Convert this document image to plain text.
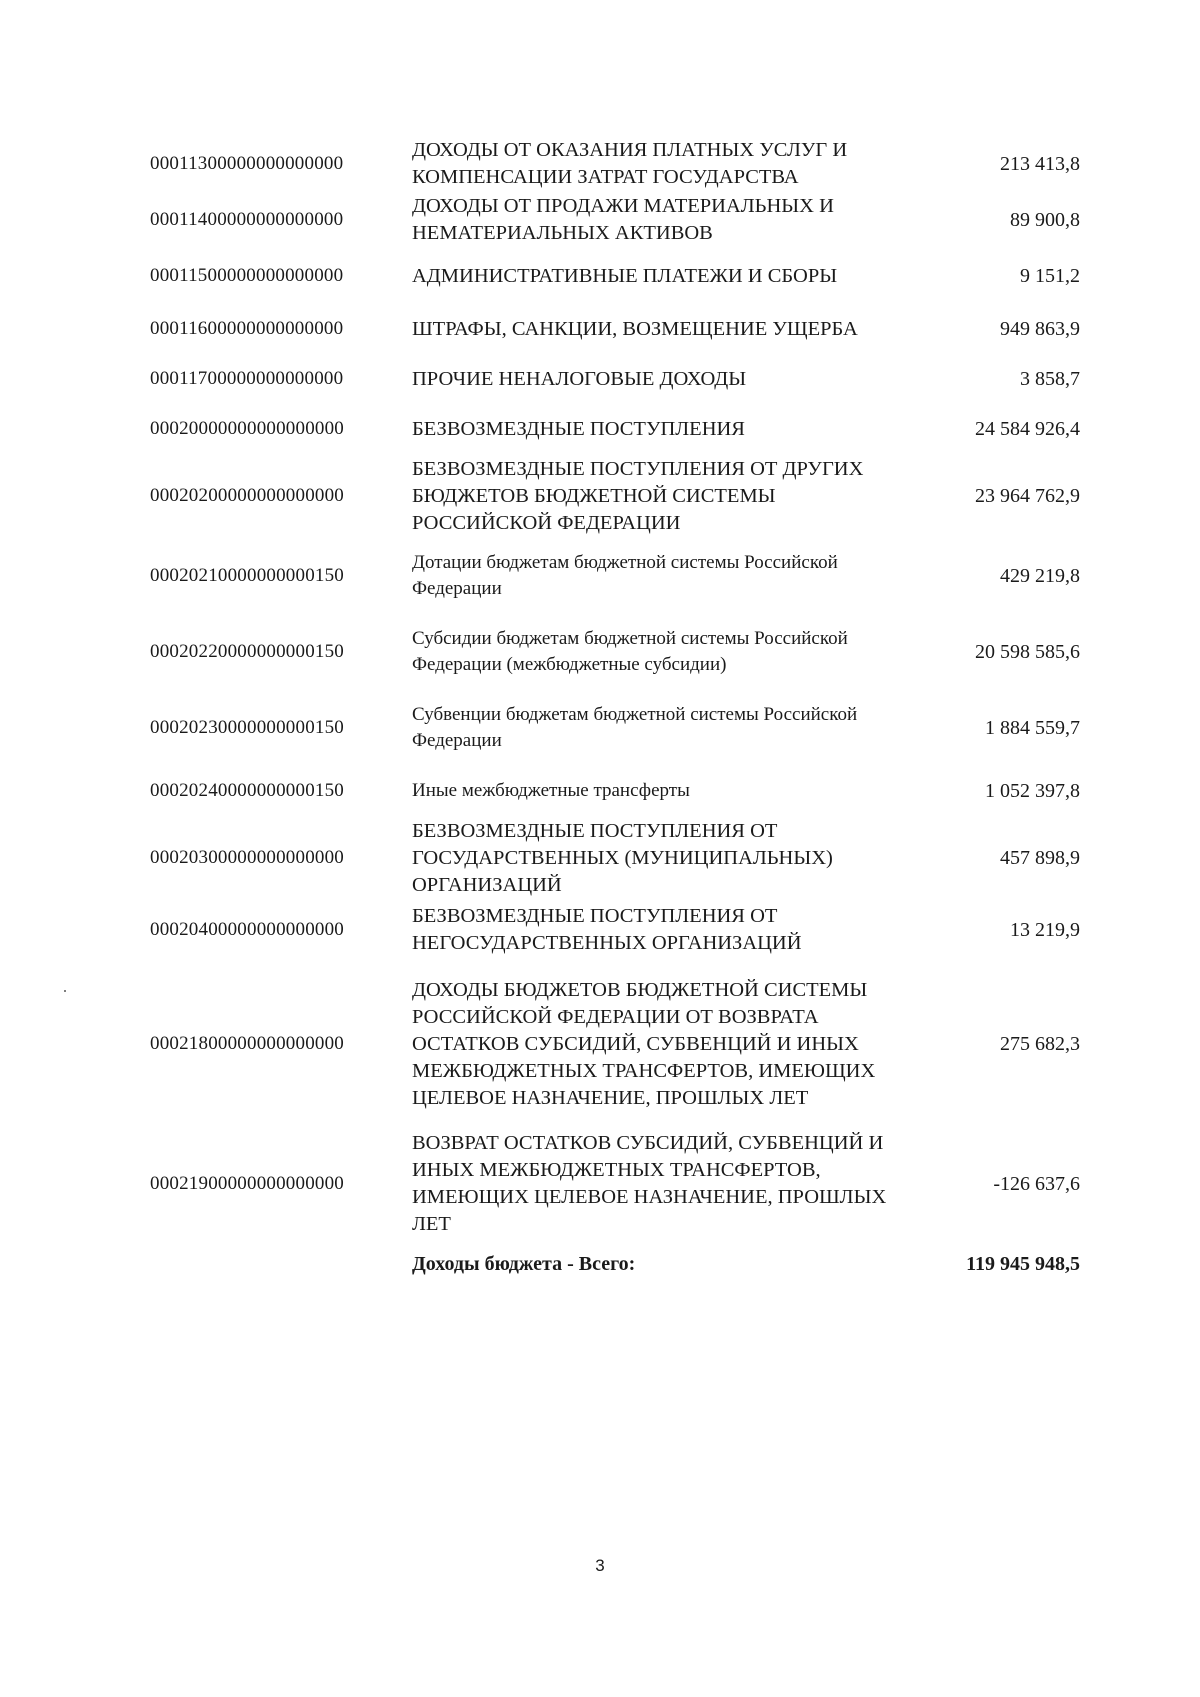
00011300000000000000	ДОХОДЫ ОТ ОКАЗАНИЯ ПЛАТНЫХ УСЛУГ И КОМПЕНСАЦИИ ЗАТРАТ ГОСУДАРСТВА	213 413,8
00011400000000000000	ДОХОДЫ ОТ ПРОДАЖИ МАТЕРИАЛЬНЫХ И НЕМАТЕРИАЛЬНЫХ АКТИВОВ	89 900,8
00011500000000000000	АДМИНИСТРАТИВНЫЕ ПЛАТЕЖИ И СБОРЫ	9 151,2
00011600000000000000	ШТРАФЫ, САНКЦИИ, ВОЗМЕЩЕНИЕ УЩЕРБА	949 863,9
00011700000000000000	ПРОЧИЕ НЕНАЛОГОВЫЕ ДОХОДЫ	3 858,7
00020000000000000000	БЕЗВОЗМЕЗДНЫЕ ПОСТУПЛЕНИЯ	24 584 926,4
00020200000000000000	БЕЗВОЗМЕЗДНЫЕ ПОСТУПЛЕНИЯ ОТ ДРУГИХ БЮДЖЕТОВ БЮДЖЕТНОЙ СИСТЕМЫ РОССИЙСКОЙ ФЕДЕРАЦИИ	23 964 762,9
00020210000000000150	Дотации бюджетам бюджетной системы Российской Федерации	429 219,8
00020220000000000150	Субсидии бюджетам бюджетной системы Российской Федерации (межбюджетные субсидии)	20 598 585,6
00020230000000000150	Субвенции бюджетам бюджетной системы Российской Федерации	1 884 559,7
00020240000000000150	Иные межбюджетные трансферты	1 052 397,8
00020300000000000000	БЕЗВОЗМЕЗДНЫЕ ПОСТУПЛЕНИЯ ОТ ГОСУДАРСТВЕННЫХ (МУНИЦИПАЛЬНЫХ) ОРГАНИЗАЦИЙ	457 898,9
00020400000000000000	БЕЗВОЗМЕЗДНЫЕ ПОСТУПЛЕНИЯ ОТ НЕГОСУДАРСТВЕННЫХ ОРГАНИЗАЦИЙ	13 219,9
00021800000000000000	ДОХОДЫ БЮДЖЕТОВ БЮДЖЕТНОЙ СИСТЕМЫ РОССИЙСКОЙ ФЕДЕРАЦИИ ОТ ВОЗВРАТА ОСТАТКОВ СУБСИДИЙ, СУБВЕНЦИЙ И ИНЫХ МЕЖБЮДЖЕТНЫХ ТРАНСФЕРТОВ, ИМЕЮЩИХ ЦЕЛЕВОЕ НАЗНАЧЕНИЕ, ПРОШЛЫХ ЛЕТ	275 682,3
00021900000000000000	ВОЗВРАТ ОСТАТКОВ СУБСИДИЙ, СУБВЕНЦИЙ И ИНЫХ МЕЖБЮДЖЕТНЫХ ТРАНСФЕРТОВ, ИМЕЮЩИХ ЦЕЛЕВОЕ НАЗНАЧЕНИЕ, ПРОШЛЫХ ЛЕТ	-126 637,6
	Доходы бюджета - Всего:	119 945 948,5
3
